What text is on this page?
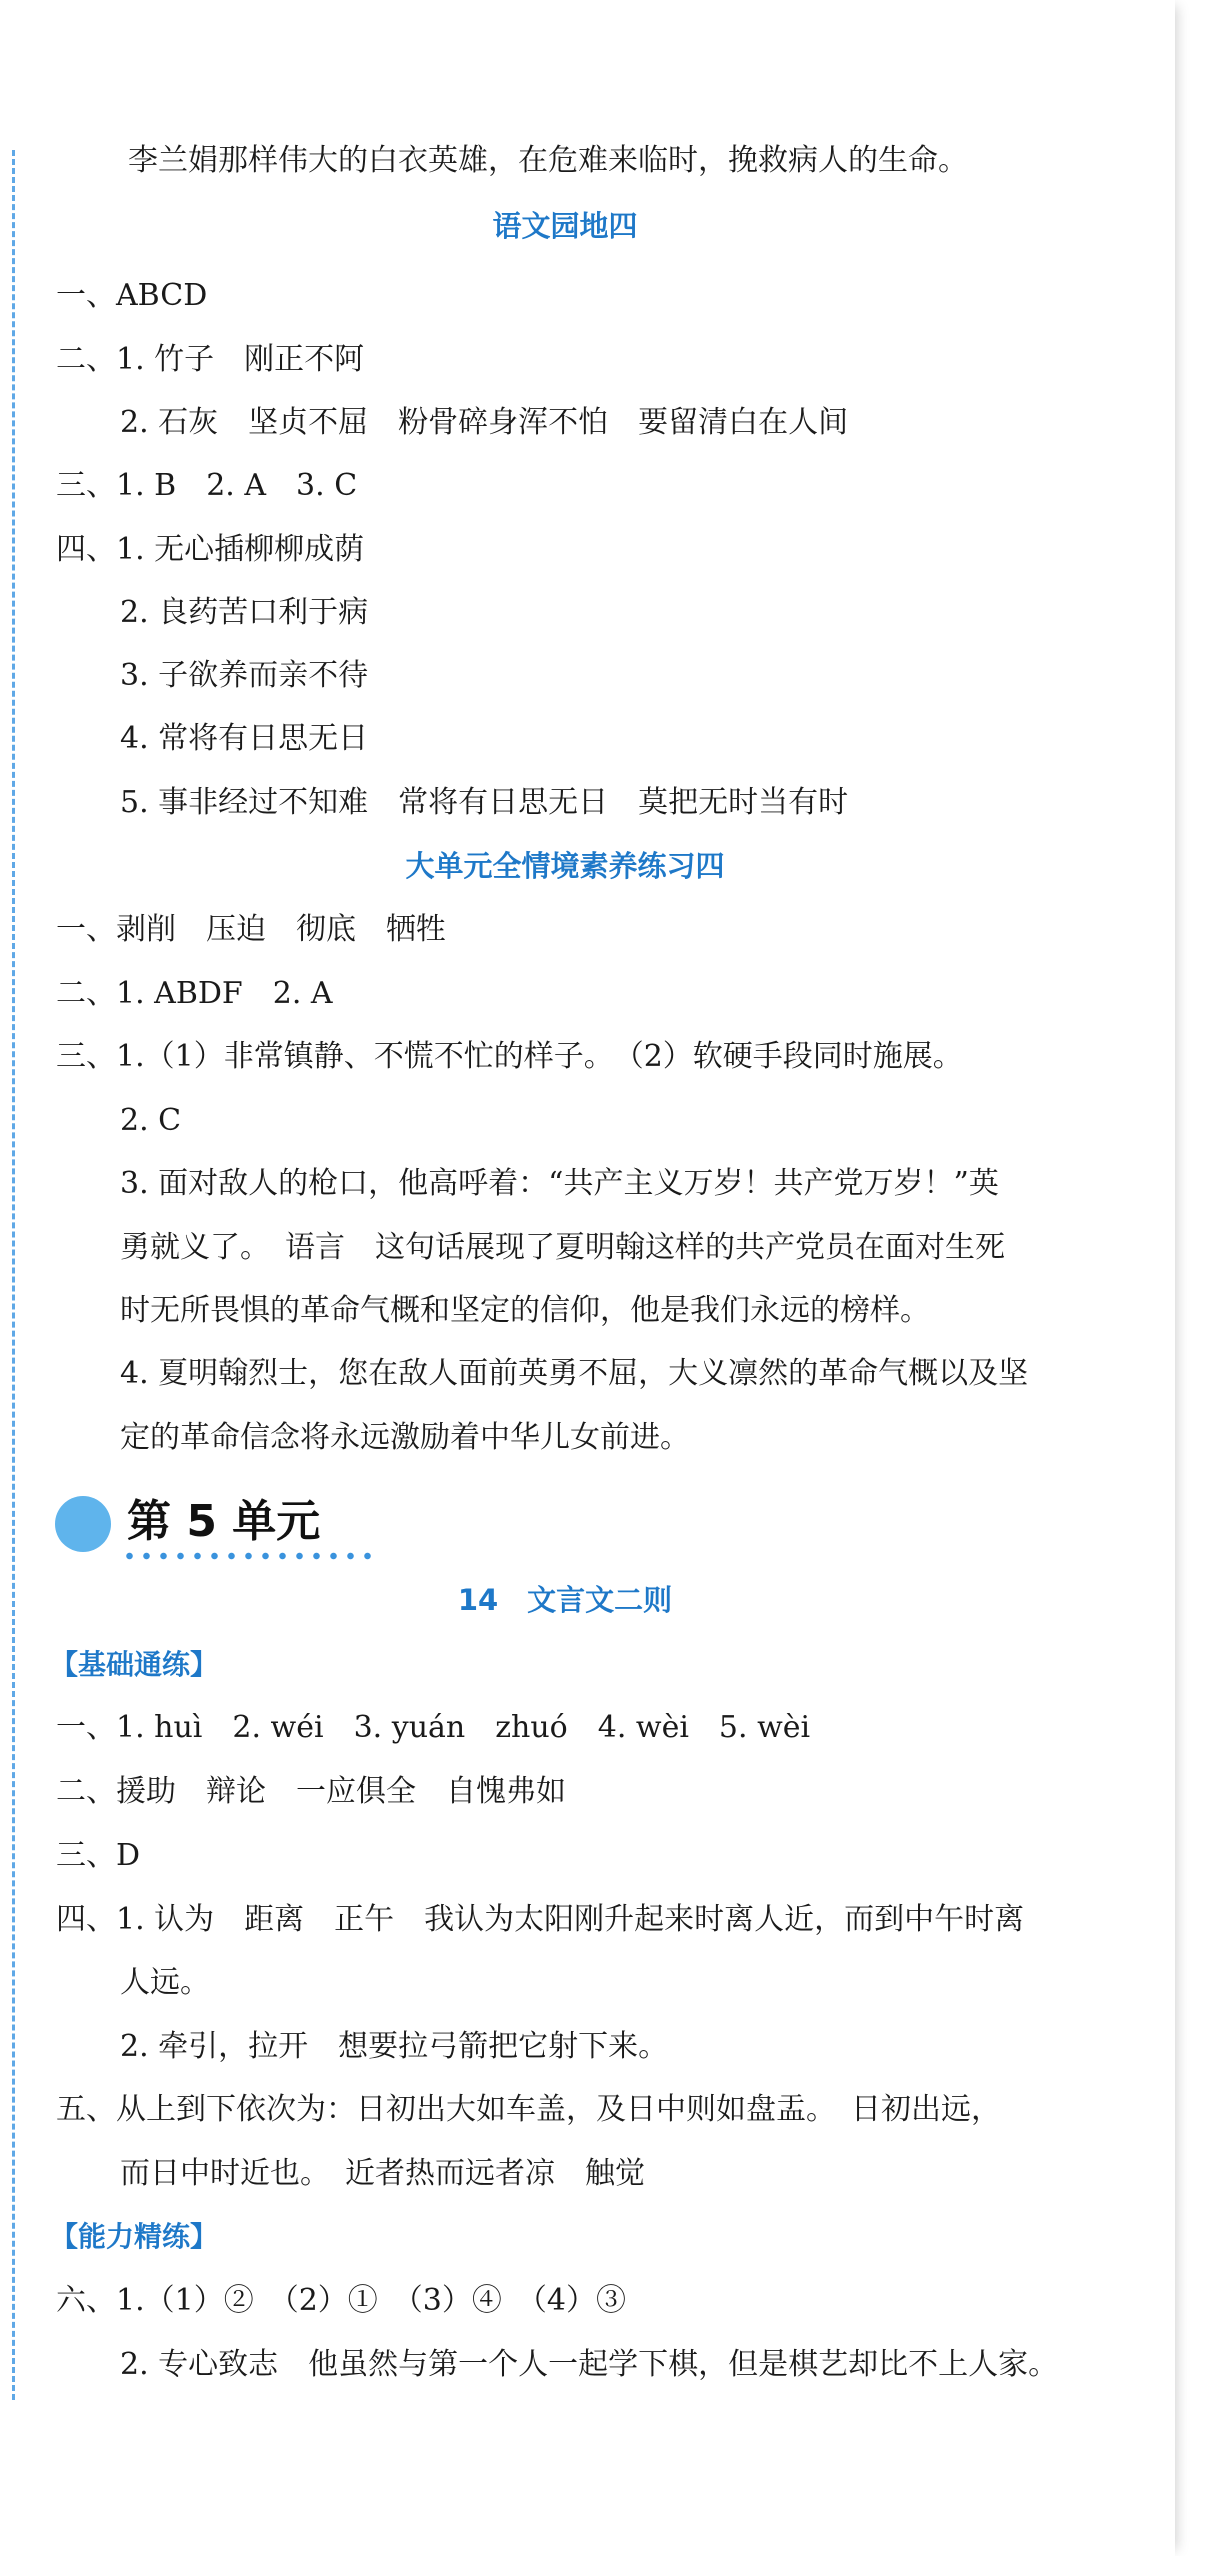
李兰娟那样伟大的白衣英雄，在危难来临时，挽救病人的生命。
语文园地四
一、ABCD
二、1. 竹子　刚正不阿
2. 石灰　坚贞不屈　粉骨碎身浑不怕　要留清白在人间
三、1. B　2. A　3. C
四、1. 无心插柳柳成荫
2. 良药苦口利于病
3. 子欲养而亲不待
4. 常将有日思无日
5. 事非经过不知难　常将有日思无日　莫把无时当有时
大单元全情境素养练习四
一、剥削　压迫　彻底　牺牲
二、1. ABDF　2. A
三、1.（1）非常镇静、不慌不忙的样子。　（2）软硬手段同时施展。
2. C
3. 面对敌人的枪口，他高呼着：“共产主义万岁！共产党万岁！”英
勇就义了。　语言　这句话展现了夏明翰这样的共产党员在面对生死
时无所畏惧的革命气概和坚定的信仰，他是我们永远的榜样。
4. 夏明翰烈士，您在敌人面前英勇不屈，大义凛然的革命气概以及坚
定的革命信念将永远激励着中华儿女前进。
第 5 单元
14　文言文二则
【基础通练】
一、1. huì　2. wéi　3. yuán　zhuó　4. wèi　5. wèi
二、援助　辩论　一应俱全　自愧弗如
三、D
四、1. 认为　距离　正午　我认为太阳刚升起来时离人近，而到中午时离
人远。
2. 牵引，拉开　想要拉弓箭把它射下来。
五、从上到下依次为：日初出大如车盖，及日中则如盘盂。　日初出远，
而日中时近也。　近者热而远者凉　触觉
【能力精练】
六、1.（1）②　（2）①　（3）④　（4）③
2. 专心致志　他虽然与第一个人一起学下棋，但是棋艺却比不上人家。
